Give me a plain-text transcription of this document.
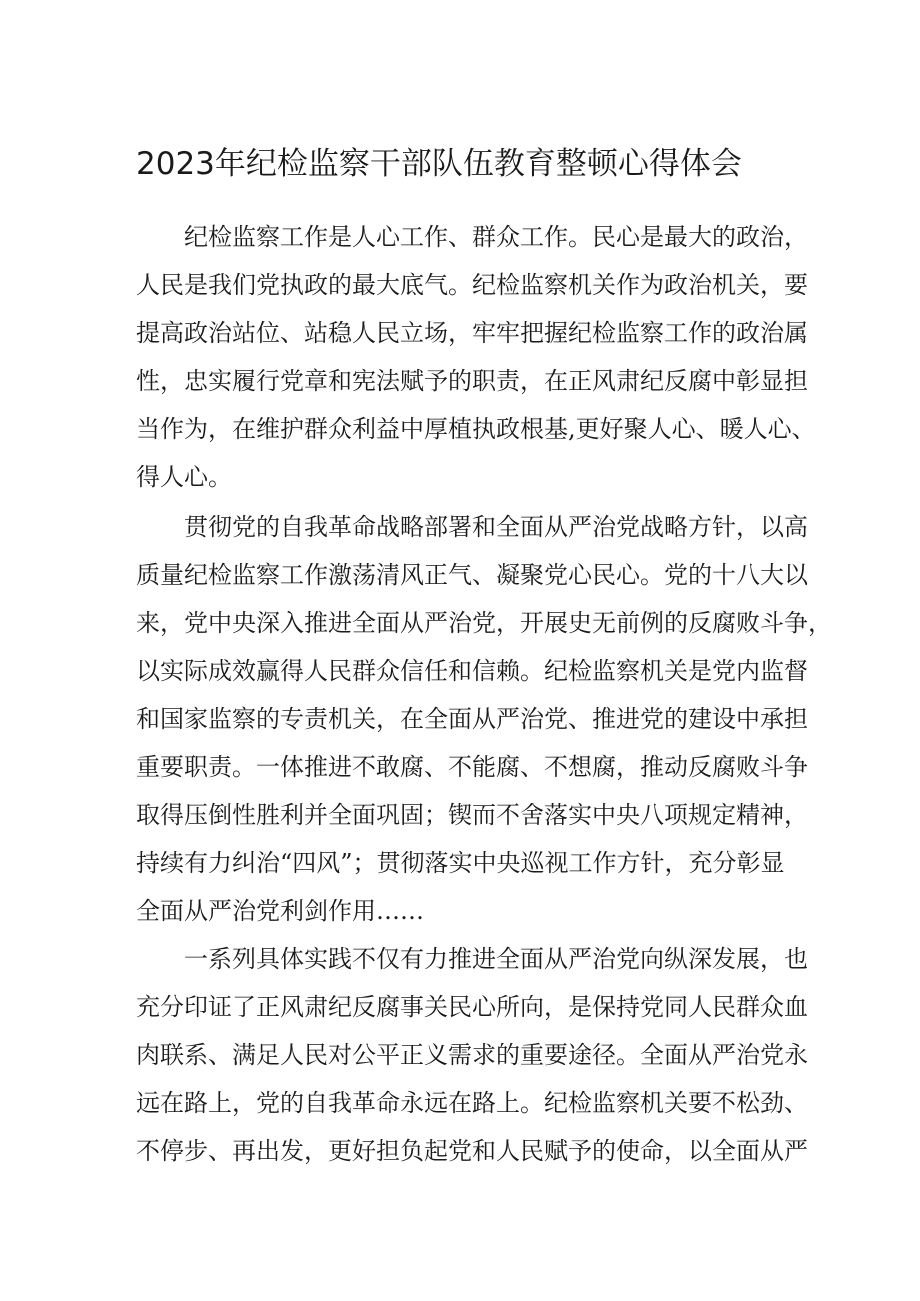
2023年纪检监察干部队伍教育整顿心得体会
纪检监察工作是人心工作、群众工作。民心是最大的政治，
人民是我们党执政的最大底气。纪检监察机关作为政治机关，要
提高政治站位、站稳人民立场，牢牢把握纪检监察工作的政治属
性，忠实履行党章和宪法赋予的职责，在正风肃纪反腐中彰显担
当作为，在维护群众利益中厚植执政根基,更好聚人心、暖人心、
得人心。
贯彻党的自我革命战略部署和全面从严治党战略方针，以高
质量纪检监察工作激荡清风正气、凝聚党心民心。党的十八大以
来，党中央深入推进全面从严治党，开展史无前例的反腐败斗争，
以实际成效赢得人民群众信任和信赖。纪检监察机关是党内监督
和国家监察的专责机关，在全面从严治党、推进党的建设中承担
重要职责。一体推进不敢腐、不能腐、不想腐，推动反腐败斗争
取得压倒性胜利并全面巩固；锲而不舍落实中央八项规定精神，
持续有力纠治“四风”；贯彻落实中央巡视工作方针，充分彰显
全面从严治党利剑作用……
一系列具体实践不仅有力推进全面从严治党向纵深发展，也
充分印证了正风肃纪反腐事关民心所向，是保持党同人民群众血
肉联系、满足人民对公平正义需求的重要途径。全面从严治党永
远在路上，党的自我革命永远在路上。纪检监察机关要不松劲、
不停步、再出发，更好担负起党和人民赋予的使命，以全面从严
